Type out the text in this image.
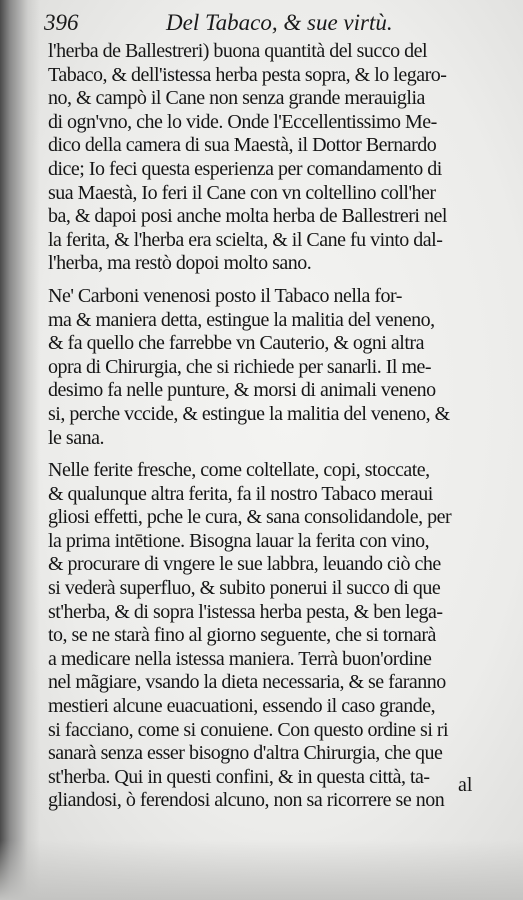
396	Del Tabaco, & sue virtù.
l'herba de Ballestreri) buona quantità del succo del
Tabaco, & dell'istessa herba pesta sopra, & lo legaro-
no, & campò il Cane non senza grande merauiglia
di ogn'vno, che lo vide. Onde l'Eccellentissimo Me-
dico della camera di sua Maestà, il Dottor Bernardo
dice; Io feci questa esperienza per comandamento di
sua Maestà, Io feri il Cane con vn coltellino coll'her
ba, & dapoi posi anche molta herba de Ballestreri nel
la ferita, & l'herba era scielta, & il Cane fu vinto dal-
l'herba, ma restò dopoi molto sano.
Ne' Carboni venenosi posto il Tabaco nella for-
ma & maniera detta, estingue la malitia del veneno,
& fa quello che farrebbe vn Cauterio, & ogni altra
opra di Chirurgia, che si richiede per sanarli. Il me-
desimo fa nelle punture, & morsi di animali veneno
si, perche vccide, & estingue la malitia del veneno, &
le sana.
Nelle ferite fresche, come coltellate, copi, stoccate,
& qualunque altra ferita, fa il nostro Tabaco meraui
gliosi effetti, pche le cura, & sana consolidandole, per
la prima intētione. Bisogna lauar la ferita con vino,
& procurare di vngere le sue labbra, leuando ciò che
si vederà superfluo, & subito ponerui il succo di que
st'herba, & di sopra l'istessa herba pesta, & ben lega-
to, se ne starà fino al giorno seguente, che si tornarà
a medicare nella istessa maniera. Terrà buon'ordine
nel mãgiare, vsando la dieta necessaria, & se faranno
mestieri alcune euacuationi, essendo il caso grande,
si facciano, come si conuiene. Con questo ordine si ri
sanarà senza esser bisogno d'altra Chirurgia, che que
st'herba. Qui in questi confini, & in questa città, ta-
gliandosi, ò ferendosi alcuno, non sa ricorrere se non
al
